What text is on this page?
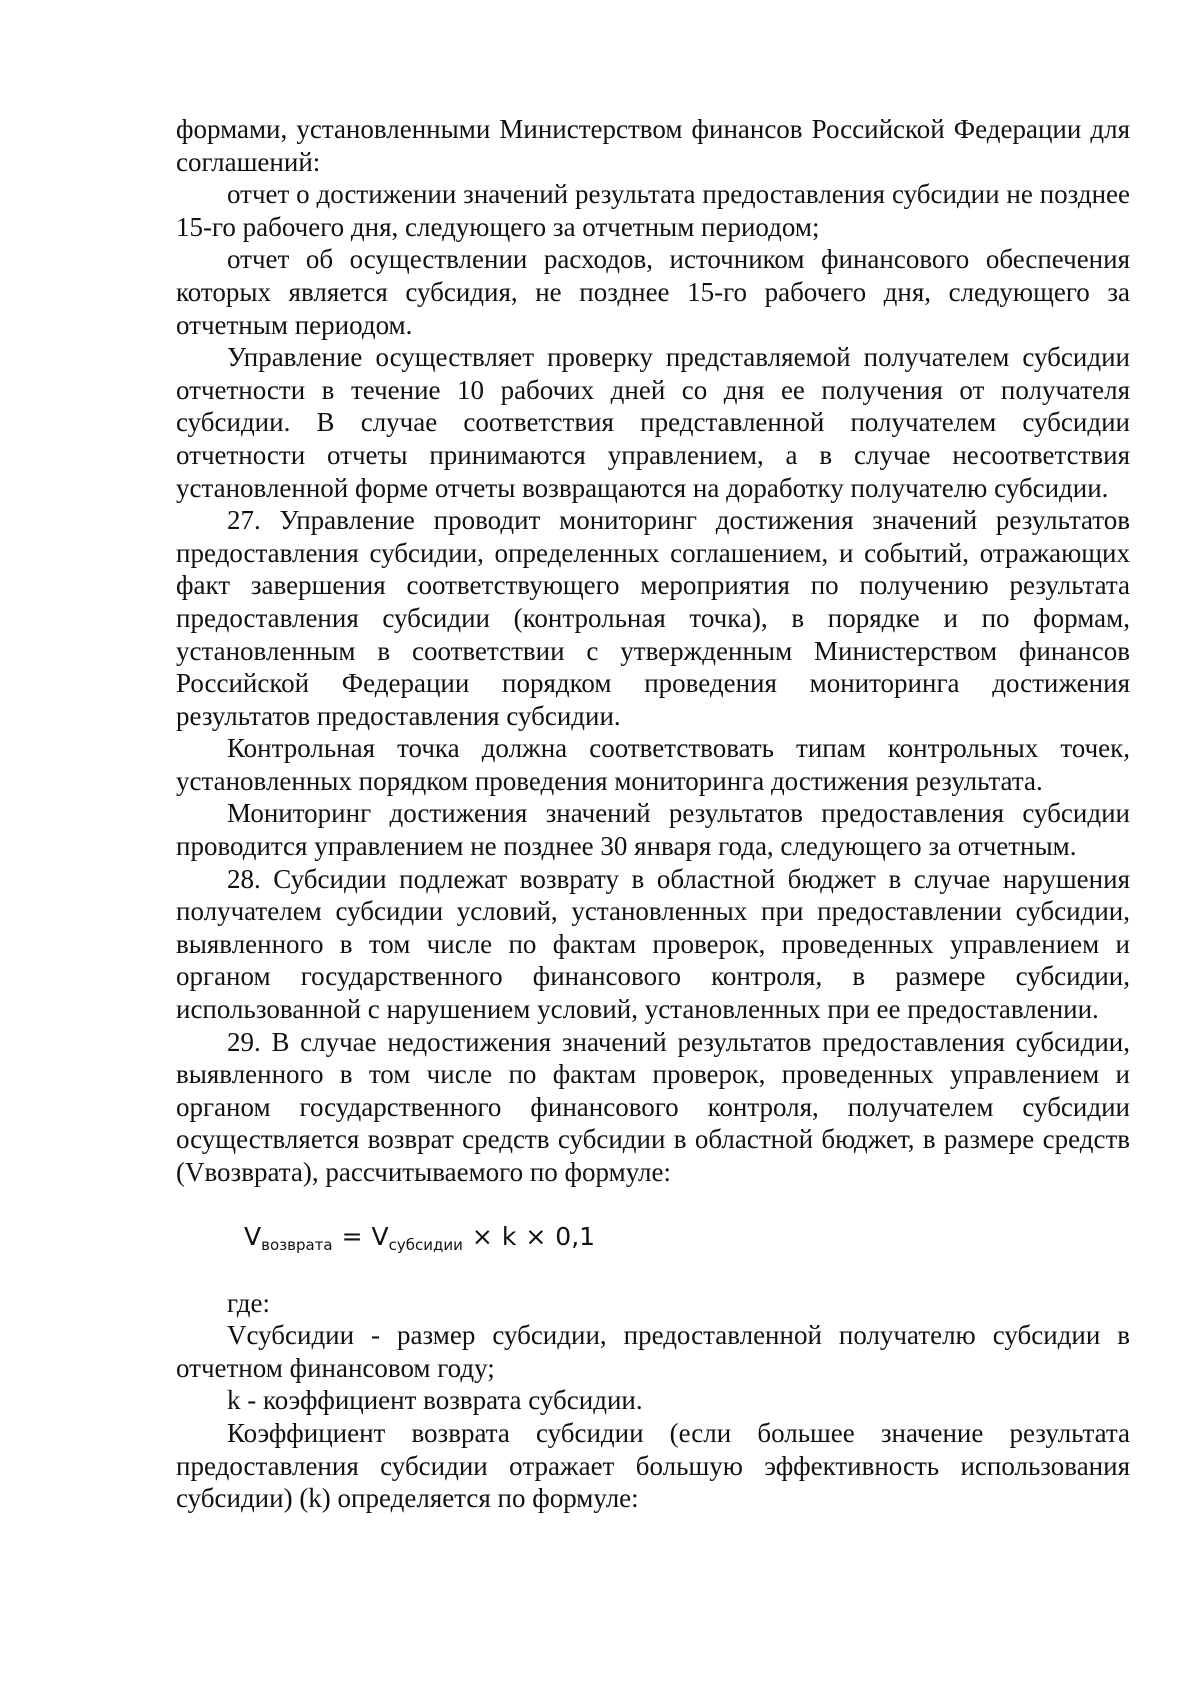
формами, установленными Министерством финансов Российской Федерации для соглашений:

отчет о достижении значений результата предоставления субсидии не позднее 15-го рабочего дня, следующего за отчетным периодом;

отчет об осуществлении расходов, источником финансового обеспечения которых является субсидия, не позднее 15-го рабочего дня, следующего за отчетным периодом.

Управление осуществляет проверку представляемой получателем субсидии отчетности в течение 10 рабочих дней со дня ее получения от получателя субсидии. В случае соответствия представленной получателем субсидии отчетности отчеты принимаются управлением, а в случае несоответствия установленной форме отчеты возвращаются на доработку получателю субсидии.

27. Управление проводит мониторинг достижения значений результатов предоставления субсидии, определенных соглашением, и событий, отражающих факт завершения соответствующего мероприятия по получению результата предоставления субсидии (контрольная точка), в порядке и по формам, установленным в соответствии с утвержденным Министерством финансов Российской Федерации порядком проведения мониторинга достижения результатов предоставления субсидии.

Контрольная точка должна соответствовать типам контрольных точек, установленных порядком проведения мониторинга достижения результата.

Мониторинг достижения значений результатов предоставления субсидии проводится управлением не позднее 30 января года, следующего за отчетным.

28. Субсидии подлежат возврату в областной бюджет в случае нарушения получателем субсидии условий, установленных при предоставлении субсидии, выявленного в том числе по фактам проверок, проведенных управлением и органом государственного финансового контроля, в размере субсидии, использованной с нарушением условий, установленных при ее предоставлении.

29. В случае недостижения значений результатов предоставления субсидии, выявленного в том числе по фактам проверок, проведенных управлением и органом государственного финансового контроля, получателем субсидии осуществляется возврат средств субсидии в областной бюджет, в размере средств (Vвозврата), рассчитываемого по формуле:

V возврата = V субсидии × k × 0,1

где:

Vсубсидии - размер субсидии, предоставленной получателю субсидии в отчетном финансовом году;

k - коэффициент возврата субсидии.

Коэффициент возврата субсидии (если большее значение результата предоставления субсидии отражает большую эффективность использования субсидии) (k) определяется по формуле:
